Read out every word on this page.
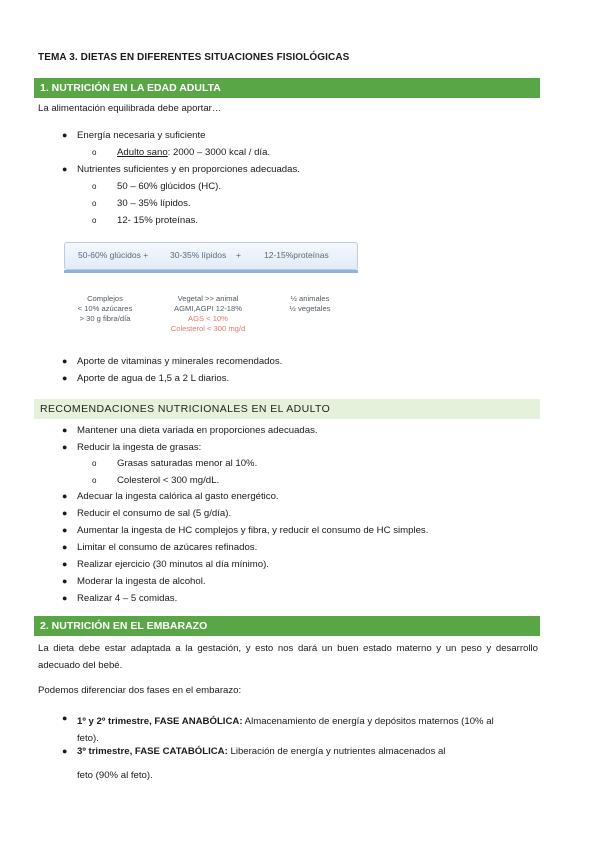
TEMA 3. DIETAS EN DIFERENTES SITUACIONES FISIOLÓGICAS
1. NUTRICIÓN EN LA EDAD ADULTA
La alimentación equilibrada debe aportar…
● Energía necesaria y suficiente
o Adulto sano: 2000 – 3000 kcal / día.
● Nutrientes suficientes y en proporciones adecuadas.
o 50 – 60% glúcidos (HC).
o 30 – 35% lípidos.
o 12- 15% proteínas.
50-60% glúcidos +	30-35% lípidos +	12-15%proteínas
Complejos
< 10% azúcares
> 30 g fibra/día
Vegetal >> animal
AGMI,AGPI 12-18%
AGS < 10%
Colesterol < 300 mg/d
½ animales
½ vegetales
● Aporte de vitaminas y minerales recomendados.
● Aporte de agua de 1,5 a 2 L diarios.
RECOMENDACIONES NUTRICIONALES EN EL ADULTO
● Mantener una dieta variada en proporciones adecuadas.
● Reducir la ingesta de grasas:
o Grasas saturadas menor al 10%.
o Colesterol < 300 mg/dL.
● Adecuar la ingesta calórica al gasto energético.
● Reducir el consumo de sal (5 g/día).
● Aumentar la ingesta de HC complejos y fibra, y reducir el consumo de HC simples.
● Limitar el consumo de azúcares refinados.
● Realizar ejercicio (30 minutos al día mínimo).
● Moderar la ingesta de alcohol.
● Realizar 4 – 5 comidas.
2. NUTRICIÓN EN EL EMBARAZO
La dieta debe estar adaptada a la gestación, y esto nos dará un buen estado materno y un peso y desarrollo adecuado del bebé.
Podemos diferenciar dos fases en el embarazo:
● 1º y 2º trimestre, FASE ANABÓLICA: Almacenamiento de energía y depósitos maternos (10% al feto).
● 3º trimestre, FASE CATABÓLICA: Liberación de energía y nutrientes almacenados al
feto (90% al feto).
